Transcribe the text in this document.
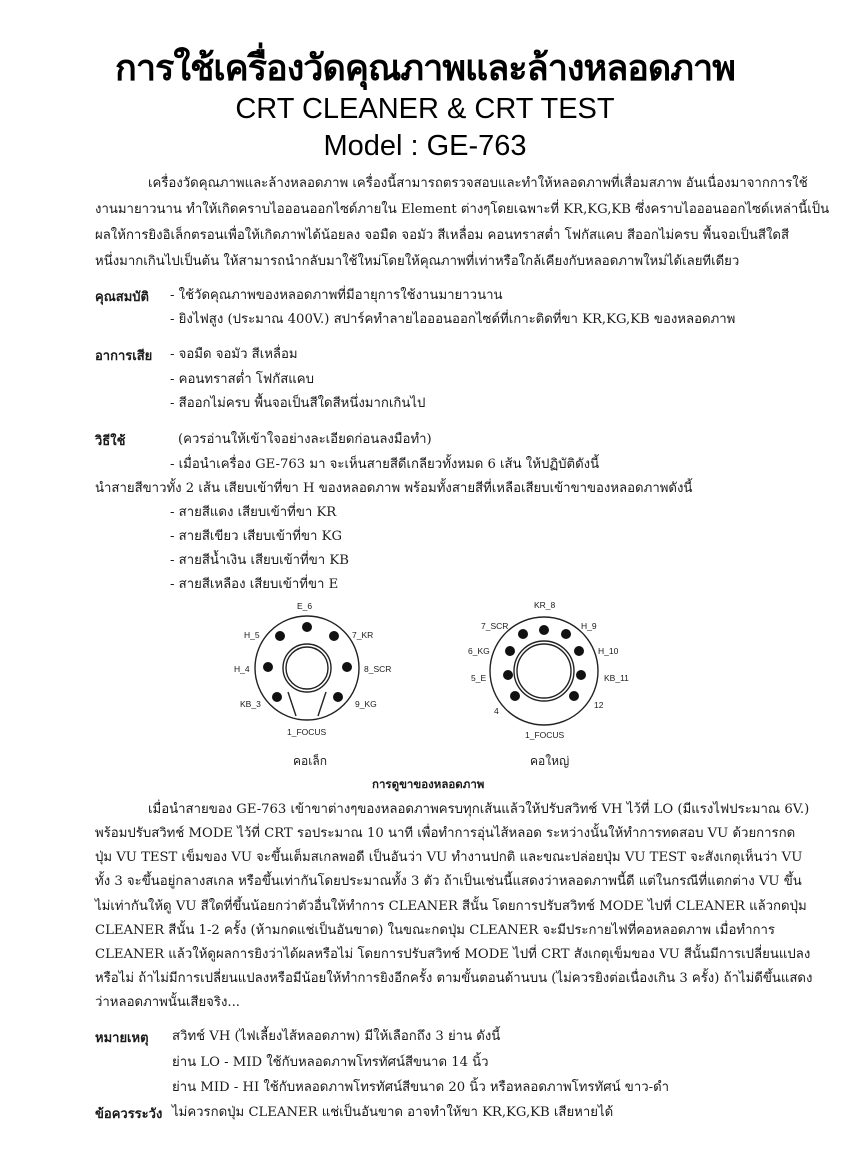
การใช้เครื่องวัดคุณภาพและล้างหลอดภาพ
CRT CLEANER & CRT TEST
Model : GE-763
เครื่องวัดคุณภาพและล้างหลอดภาพ เครื่องนี้สามารถตรวจสอบและทำให้หลอดภาพที่เสื่อมสภาพ อันเนื่องมาจากการใช้
งานมายาวนาน ทำให้เกิดคราบไอออนออกไซด์ภายใน Element ต่างๆโดยเฉพาะที่ KR,KG,KB ซึ่งคราบไอออนออกไซด์เหล่านี้เป็น
ผลให้การยิงอิเล็กตรอนเพื่อให้เกิดภาพได้น้อยลง จอมืด จอมัว สีเหลื่อม คอนทราสต่ำ โฟกัสแคบ สีออกไม่ครบ พื้นจอเป็นสีใดสี
หนึ่งมากเกินไปเป็นต้น ให้สามารถนำกลับมาใช้ใหม่โดยให้คุณภาพที่เท่าหรือใกล้เคียงกับหลอดภาพใหม่ได้เลยทีเดียว
คุณสมบัติ - ใช้วัดคุณภาพของหลอดภาพที่มีอายุการใช้งานมายาวนาน
- ยิงไฟสูง (ประมาณ 400V.) สปาร์คทำลายไอออนออกไซด์ที่เกาะติดที่ขา KR,KG,KB ของหลอดภาพ
อาการเสีย - จอมืด จอมัว สีเหลื่อม
- คอนทราสต่ำ โฟกัสแคบ
- สีออกไม่ครบ พื้นจอเป็นสีใดสีหนึ่งมากเกินไป
วิธีใช้	(ควรอ่านให้เข้าใจอย่างละเอียดก่อนลงมือทำ)
- เมื่อนำเครื่อง GE-763 มา จะเห็นสายสีดีเกลียวทั้งหมด 6 เส้น ให้ปฏิบัติดังนี้
นำสายสีขาวทั้ง 2 เส้น เสียบเข้าที่ขา H ของหลอดภาพ พร้อมทั้งสายสีที่เหลือเสียบเข้าขาของหลอดภาพดังนี้
- สายสีแดง เสียบเข้าที่ขา KR
- สายสีเขียว เสียบเข้าที่ขา KG
- สายสีน้ำเงิน เสียบเข้าที่ขา KB
- สายสีเหลือง เสียบเข้าที่ขา E
E_6
H_5	7_KR
H_4	8_SCR
KB_3	9_KG
1_FOCUS
คอเล็ก
KR_8
7_SCR	H_9
6_KG	H_10
5_E	KB_11
4
12
1_FOCUS
คอใหญ่
การดูขาของหลอดภาพ
เมื่อนำสายของ GE-763 เข้าขาต่างๆของหลอดภาพครบทุกเส้นแล้วให้ปรับสวิทช์ VH ไว้ที่ LO (มีแรงไฟประมาณ 6V.)
พร้อมปรับสวิทช์ MODE ไว้ที่ CRT รอประมาณ 10 นาที เพื่อทำการอุ่นไส้หลอด ระหว่างนั้นให้ทำการทดสอบ VU ด้วยการกด
ปุ่ม VU TEST เข็มของ VU จะขึ้นเต็มสเกลพอดี เป็นอันว่า VU ทำงานปกติ และขณะปล่อยปุ่ม VU TEST จะสังเกตุเห็นว่า VU
ทั้ง 3 จะขึ้นอยู่กลางสเกล หรือขึ้นเท่ากันโดยประมาณทั้ง 3 ตัว ถ้าเป็นเช่นนี้แสดงว่าหลอดภาพนี้ดี แต่ในกรณีที่แตกต่าง VU ขึ้น
ไม่เท่ากันให้ดู VU สีใดที่ขึ้นน้อยกว่าตัวอื่นให้ทำการ CLEANER สีนั้น โดยการปรับสวิทช์ MODE ไปที่ CLEANER แล้วกดปุ่ม
CLEANER สีนั้น 1-2 ครั้ง (ห้ามกดแช่เป็นอันขาด) ในขณะกดปุ่ม CLEANER จะมีประกายไฟที่คอหลอดภาพ เมื่อทำการ
CLEANER แล้วให้ดูผลการยิงว่าได้ผลหรือไม่ โดยการปรับสวิทช์ MODE ไปที่ CRT สังเกตุเข็มของ VU สีนั้นมีการเปลี่ยนแปลง
หรือไม่ ถ้าไม่มีการเปลี่ยนแปลงหรือมีน้อยให้ทำการยิงอีกครั้ง ตามขั้นตอนด้านบน (ไม่ควรยิงต่อเนื่องเกิน 3 ครั้ง) ถ้าไม่ดีขึ้นแสดง
ว่าหลอดภาพนั้นเสียจริง...
หมายเหตุ สวิทช์ VH (ไฟเลี้ยงไส้หลอดภาพ) มีให้เลือกถึง 3 ย่าน ดังนี้
ย่าน LO - MID ใช้กับหลอดภาพโทรทัศน์สีขนาด 14 นิ้ว
ย่าน MID - HI ใช้กับหลอดภาพโทรทัศน์สีขนาด 20 นิ้ว หรือหลอดภาพโทรทัศน์ ขาว-ดำ
ข้อควรระวัง ไม่ควรกดปุ่ม CLEANER แช่เป็นอันขาด อาจทำให้ขา KR,KG,KB เสียหายได้
